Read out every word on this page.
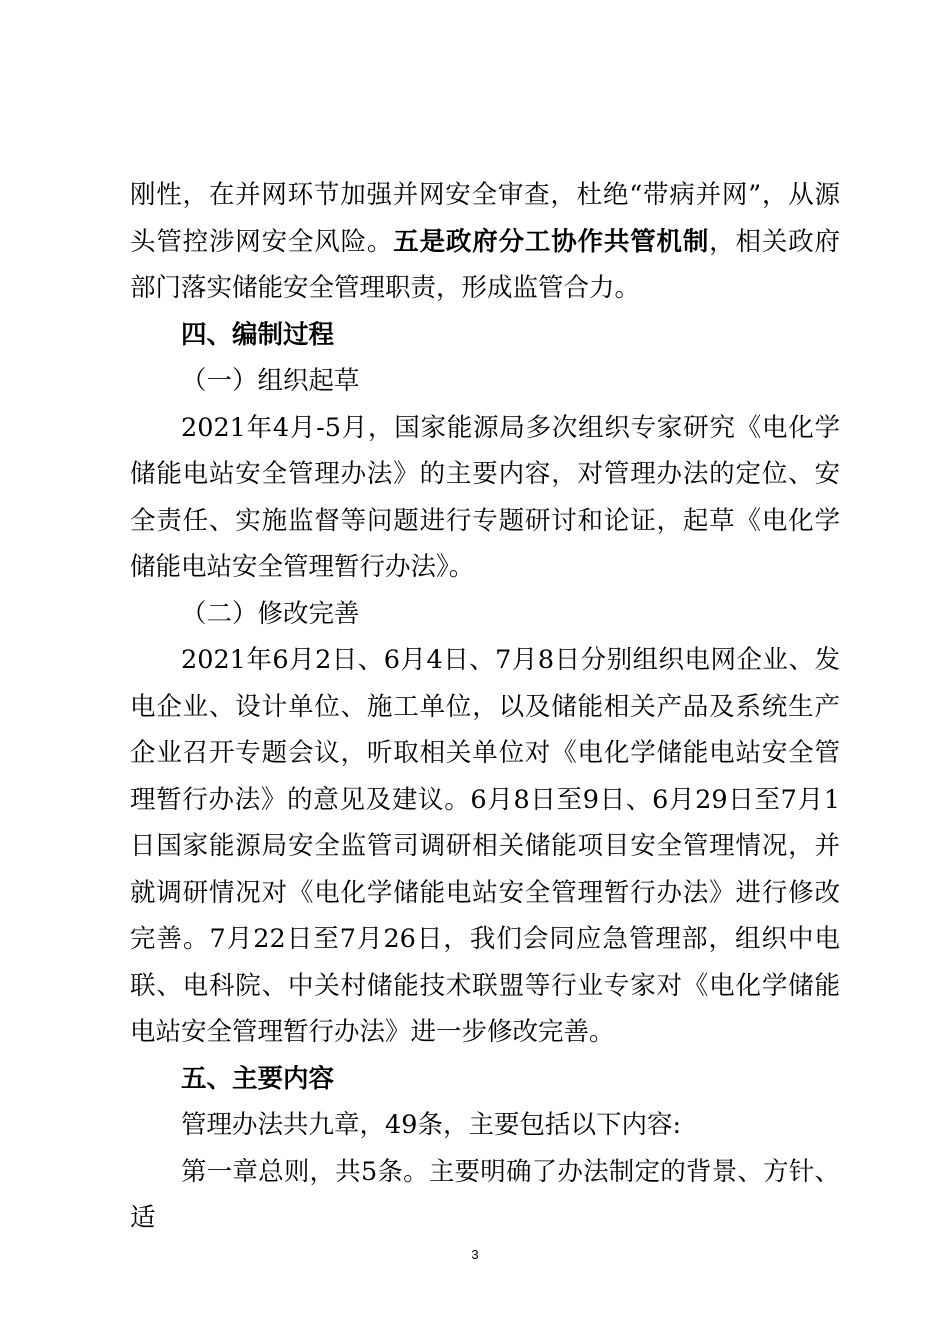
刚性，在并网环节加强并网安全审查，杜绝“带病并网”，从源头管控涉网安全风险。五是政府分工协作共管机制，相关政府部门落实储能安全管理职责，形成监管合力。

四、编制过程

（一）组织起草

2021年4月-5月，国家能源局多次组织专家研究《电化学储能电站安全管理办法》的主要内容，对管理办法的定位、安全责任、实施监督等问题进行专题研讨和论证，起草《电化学储能电站安全管理暂行办法》。

（二）修改完善

2021年6月2日、6月4日、7月8日分别组织电网企业、发电企业、设计单位、施工单位，以及储能相关产品及系统生产企业召开专题会议，听取相关单位对《电化学储能电站安全管理暂行办法》的意见及建议。6月8日至9日、6月29日至7月1日国家能源局安全监管司调研相关储能项目安全管理情况，并就调研情况对《电化学储能电站安全管理暂行办法》进行修改完善。7月22日至7月26日，我们会同应急管理部，组织中电联、电科院、中关村储能技术联盟等行业专家对《电化学储能电站安全管理暂行办法》进一步修改完善。

五、主要内容

管理办法共九章，49条，主要包括以下内容:

第一章总则，共5条。主要明确了办法制定的背景、方针、适

3
